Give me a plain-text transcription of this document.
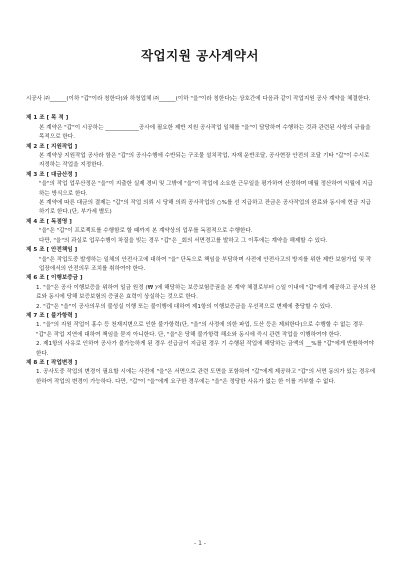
작업지원 공사계약서

시공사 ㈜______(이하 "갑"이라 칭한다)와 하청업체 ㈜______(이하 "을"이라 칭한다)는 상호간에 다음과 같이 작업지원 공사 계약을 체결한다.

제 1 조 [ 목 적 ]
본 계약은 "갑"이 시공하는 ____________공사에 필요한 제반 지원 공사작업 일체를 "을"이 담당하여 수행하는 것과 관련된 사항의 규율을 목적으로 한다.
제 2 조 [ 지원작업 ]
본 계약상 지원작업 공사라 함은 "갑"의 공사수행에 수반되는 구조물 설치작업, 자재 운반조달, 공사현장 안전의 조달 기타 "갑"이 수시로 지정하는 작업을 지정한다.
제 3 조 [ 대금산정 ]
"을"의 작업 업무산정은 "을"이 지출한 실제 경비 및 그밖에 "을"이 작업에 소요한 근무일을 평가하여 산정하며 매월 정산하여 익월에 지급하는 방식으로 한다.
본 계약에 따른 대금의 결제는 "갑"의 작업 의뢰 시 당해 의뢰 공사작업의 ○%를 선 지급하고 잔금은 공사작업의 완료와 동시에 현금 지급하기로 한다.(단, 부가세 별도)
제 4 조 [ 독점영 ]
"을"은 "갑"이 프로젝트를 수행함로 할 때까지 본 계약상의 업무를 독점적으로 수행한다.
다만, "을"의 과실로 업무수행이 차질을 빚는 경우 "갑"은 _회의 서면경고를 발하고 그 이후에는 계약을 해제할 수 있다.
제 5 조 [ 안전책임 ]
"을"은 작업도중 발생하는 일체의 안전사고에 대하여 "을" 단독으로 책임을 부담하며 사전에 안전사고의 방지를 위한 제반 보험가입 및 작업장에서의 안전의무 조치를 취하여야 한다.
제 6 조 [ 이행보증금 ]
1. "을"은 공사 이행보증을 위하여 일금 원정 (₩ )에 해당하는 보증보험증권을 본 계약 체결로부터 ○일 이내에 "갑"에게 제공하고 공사의 완료와 동시에 당해 보증보험의 증권은 효력이 상실하는 것으로 한다.
2. "갑"은 "을"이 공사의무의 불성실 이행 또는 불이행에 대하여 제1항의 이행보증금을 우선적으로 변제에 충당할 수 있다.
제 7 조 [ 불가항력 ]
1. "을"의 지원 작업이 홍수 등 천재지변으로 인한 불가항력(단, "을"의 사정에 의한 파업, 도산 등은 제외한다)으로 수행할 수 없는 경우 "갑"은 작업 지연에 대하여 책임을 묻지 아니한다. 단, "을"은 당해 불가항력 해소와 동시에 즉시 관련 작업을 이행하여야 한다.
2. 제1항의 사유로 인하여 공사가 불가능하게 된 경우 선급금이 지급된 경우 기 수행된 작업에 해당하는 금액의 __%를 "갑"에게 반환하여야 한다.
제 8 조 [ 작업변경 ]
1. 공사도중 작업의 변경이 필요할 시에는 사전에 "을"은 서면으로 관련 도면을 포함하여 "갑"에게 제공하고 "갑"의 서면 동의가 있는 경우에 한하여 작업의 변경이 가능하다. 다만, "갑"이 "을"에게 요구한 경우에는 "을"은 정당한 사유가 없는 한 이를 거부할 수 없다.
- 1 -
